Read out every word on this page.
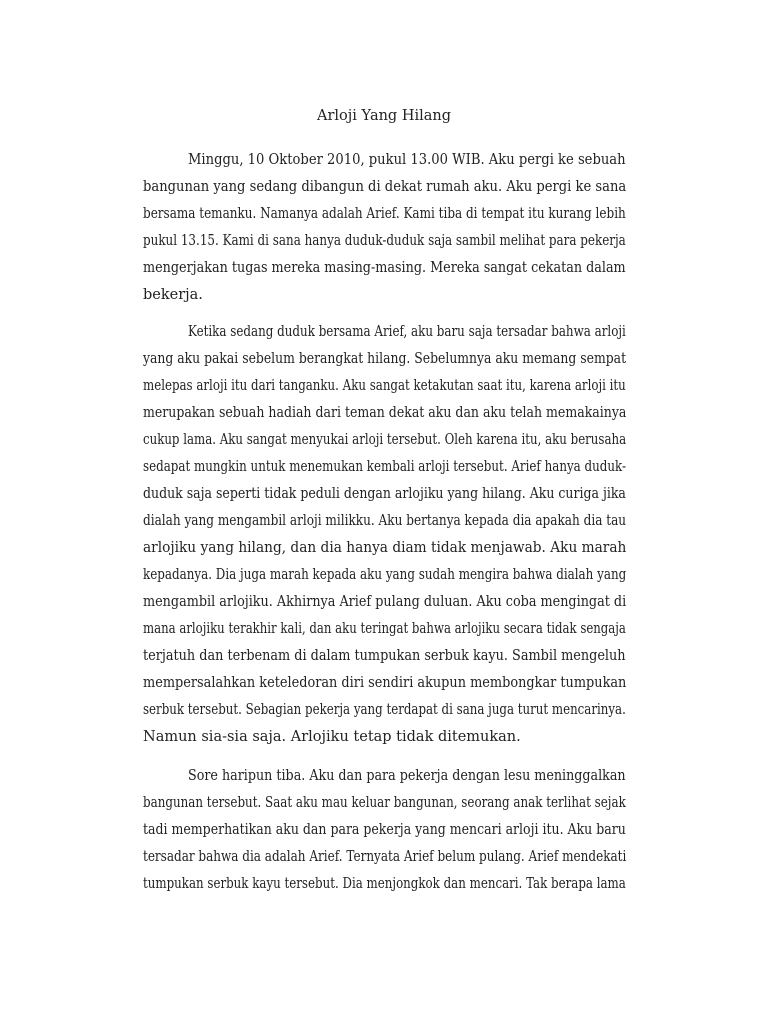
Arloji Yang Hilang
Minggu, 10 Oktober 2010, pukul 13.00 WIB. Aku pergi ke sebuah
bangunan yang sedang dibangun di dekat rumah aku. Aku pergi ke sana
bersama temanku. Namanya adalah Arief. Kami tiba di tempat itu kurang lebih
pukul 13.15. Kami di sana hanya duduk-duduk saja sambil melihat para pekerja
mengerjakan tugas mereka masing-masing. Mereka sangat cekatan dalam
bekerja.
Ketika sedang duduk bersama Arief, aku baru saja tersadar bahwa arloji
yang aku pakai sebelum berangkat hilang. Sebelumnya aku memang sempat
melepas arloji itu dari tanganku. Aku sangat ketakutan saat itu, karena arloji itu
merupakan sebuah hadiah dari teman dekat aku dan aku telah memakainya
cukup lama. Aku sangat menyukai arloji tersebut. Oleh karena itu, aku berusaha
sedapat mungkin untuk menemukan kembali arloji tersebut. Arief hanya duduk-
duduk saja seperti tidak peduli dengan arlojiku yang hilang. Aku curiga jika
dialah yang mengambil arloji milikku. Aku bertanya kepada dia apakah dia tau
arlojiku yang hilang, dan dia hanya diam tidak menjawab. Aku marah
kepadanya. Dia juga marah kepada aku yang sudah mengira bahwa dialah yang
mengambil arlojiku. Akhirnya Arief pulang duluan. Aku coba mengingat di
mana arlojiku terakhir kali, dan aku teringat bahwa arlojiku secara tidak sengaja
terjatuh dan terbenam di dalam tumpukan serbuk kayu. Sambil mengeluh
mempersalahkan keteledoran diri sendiri akupun membongkar tumpukan
serbuk tersebut. Sebagian pekerja yang terdapat di sana juga turut mencarinya.
Namun sia-sia saja. Arlojiku tetap tidak ditemukan.
Sore haripun tiba. Aku dan para pekerja dengan lesu meninggalkan
bangunan tersebut. Saat aku mau keluar bangunan, seorang anak terlihat sejak
tadi memperhatikan aku dan para pekerja yang mencari arloji itu. Aku baru
tersadar bahwa dia adalah Arief. Ternyata Arief belum pulang. Arief mendekati
tumpukan serbuk kayu tersebut. Dia menjongkok dan mencari. Tak berapa lama
